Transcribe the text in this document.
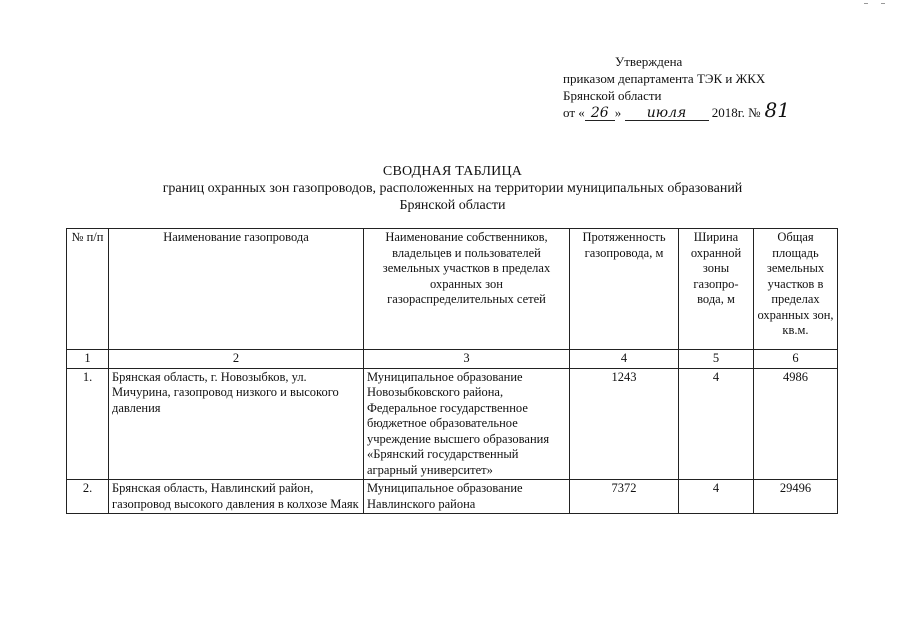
Утверждена
приказом департамента ТЭК и ЖКХ
Брянской области
от « 26 » июля 2018г. № 81
СВОДНАЯ ТАБЛИЦА
границ охранных зон газопроводов, расположенных на территории муниципальных образований
Брянской области
№ п/п	Наименование газопровода	Наименование собственников, владельцев и пользователей земельных участков в пределах охранных зон газораспределительных сетей	Протяженность газопровода, м	Ширина охранной зоны газопро-вода, м	Общая площадь земельных участков в пределах охранных зон, кв.м.
1	2	3	4	5	6
1.	Брянская область, г. Новозыбков, ул. Мичурина, газопровод низкого и высокого давления	Муниципальное образование Новозыбковского района, Федеральное государственное бюджетное образовательное учреждение высшего образования «Брянский государственный аграрный университет»	1243	4	4986
2.	Брянская область, Навлинский район, газопровод высокого давления в колхозе Маяк	Муниципальное образование Навлинского района	7372	4	29496
